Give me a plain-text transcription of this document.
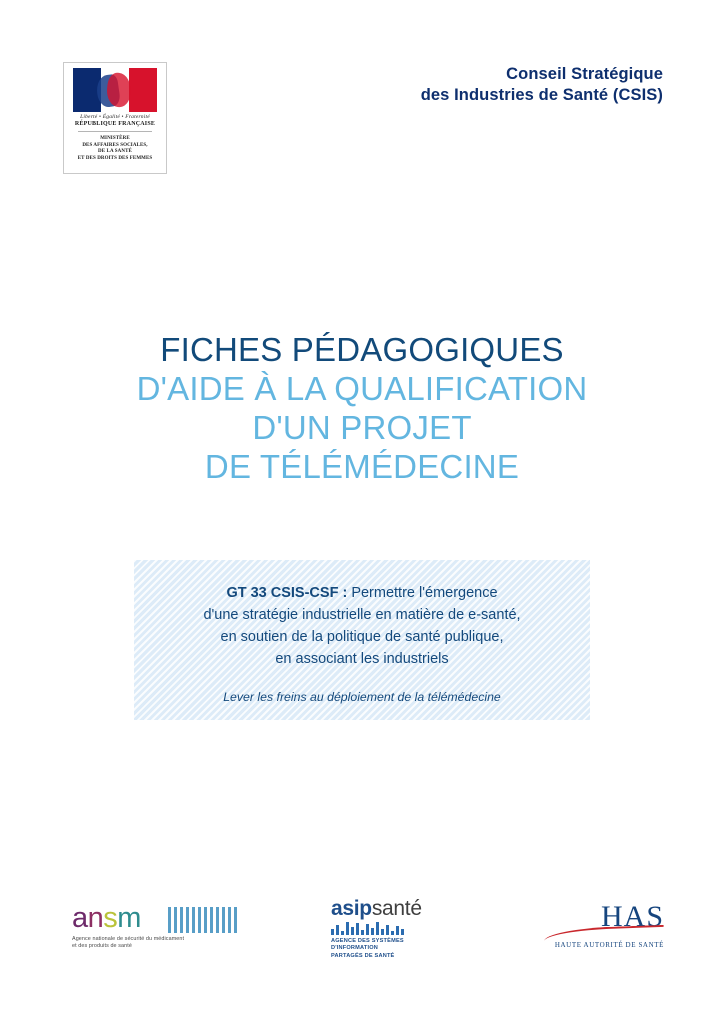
Liberté • Égalité • Fraternité
RÉPUBLIQUE FRANÇAISE
MINISTÈRE
DES AFFAIRES SOCIALES,
DE LA SANTÉ
ET DES DROITS DES FEMMES
Conseil Stratégique
des Industries de Santé (CSIS)
FICHES PÉDAGOGIQUES
D'AIDE À LA QUALIFICATION
D'UN PROJET
DE TÉLÉMÉDECINE
GT 33 CSIS-CSF : Permettre l'émergence
d'une stratégie industrielle en matière de e-santé,
en soutien de la politique de santé publique,
en associant les industriels
Lever les freins au déploiement de la télémédecine
ansm
Agence nationale de sécurité du médicament
et des produits de santé
asipsanté
AGENCE DES SYSTÈMES
D'INFORMATION
PARTAGÉS DE SANTÉ
HAS
HAUTE AUTORITÉ DE SANTÉ
